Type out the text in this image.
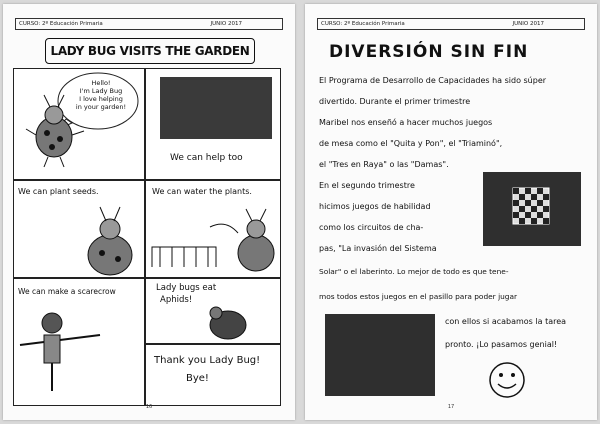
CURSO: 2º Educación Primaria	JUNIO 2017
LADY BUG VISITS THE GARDEN
Hello!
I'm Lady Bug
I love helping
in your garden!
We can help too
We can plant seeds.	We can water the plants.
We can make a scarecrow	Lady bugs eat
Aphids!
Thank you Lady Bug!
Bye!
16
CURSO: 2º Educación Primaria	JUNIO 2017
DIVERSIÓN SIN FIN
El Programa de Desarrollo de Capacidades ha sido súper
divertido. Durante el primer trimestre
Maribel nos enseñó a hacer muchos juegos
de mesa como el "Quita y Pon", el "Triaminó",
el "Tres en Raya" o las "Damas".
En el segundo trimestre
hicimos juegos de habilidad
como los circuitos de cha-
pas, "La invasión del Sistema
Solar" o el laberinto. Lo mejor de todo es que tene-
mos todos estos juegos en el pasillo para poder jugar
con ellos si acabamos la tarea
pronto. ¡Lo pasamos genial!
17
